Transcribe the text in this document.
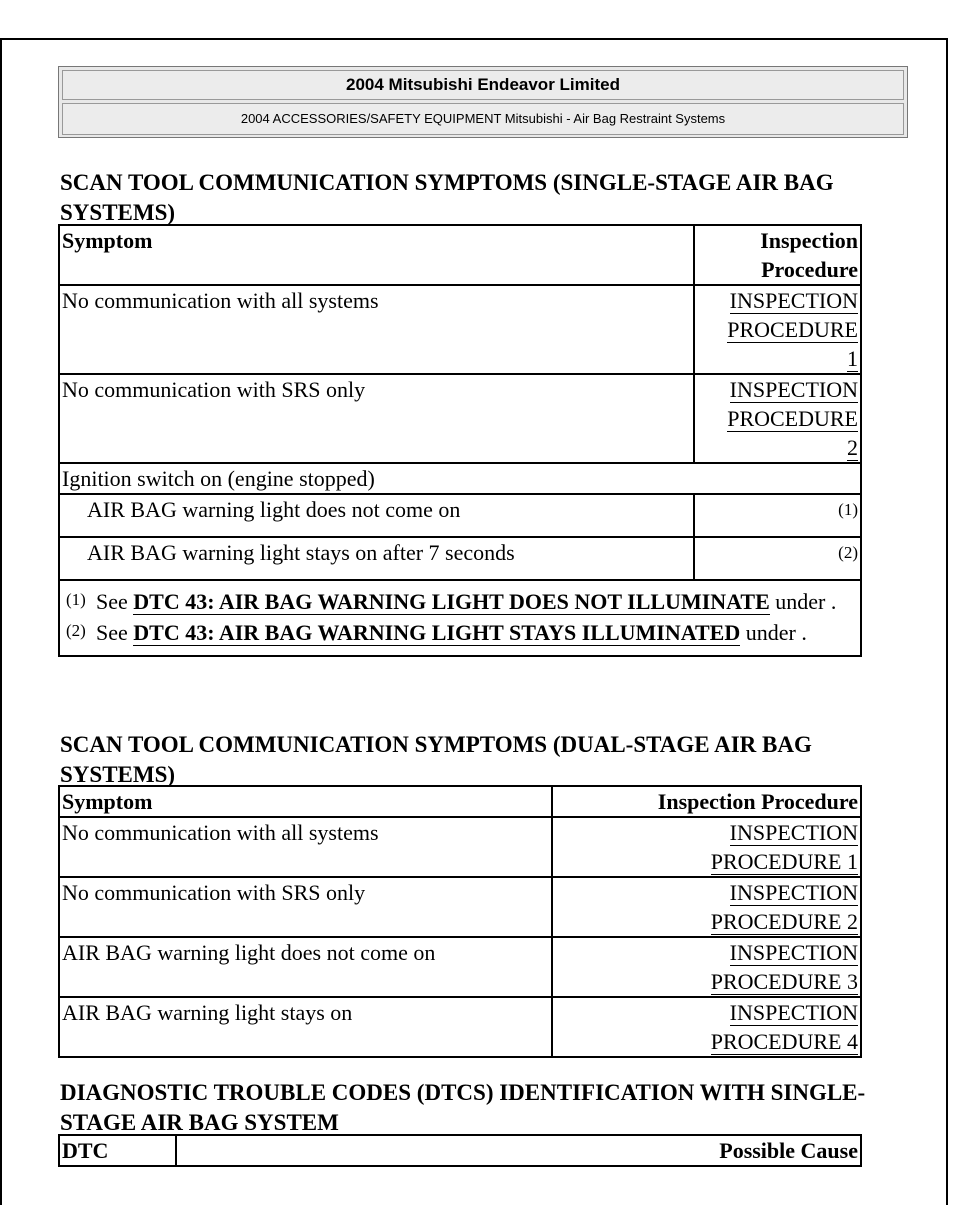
2004 Mitsubishi Endeavor Limited
2004 ACCESSORIES/SAFETY EQUIPMENT Mitsubishi - Air Bag Restraint Systems
SCAN TOOL COMMUNICATION SYMPTOMS (SINGLE-STAGE AIR BAG SYSTEMS)
Symptom	Inspection
Procedure
No communication with all systems	INSPECTION
PROCEDURE
1
No communication with SRS only	INSPECTION
PROCEDURE
2
Ignition switch on (engine stopped)	
AIR BAG warning light does not come on	(1)
AIR BAG warning light stays on after 7 seconds	(2)

(1) See DTC 43: AIR BAG WARNING LIGHT DOES NOT ILLUMINATE under .
(2) See DTC 43: AIR BAG WARNING LIGHT STAYS ILLUMINATED under .	
SCAN TOOL COMMUNICATION SYMPTOMS (DUAL-STAGE AIR BAG SYSTEMS)
Symptom	Inspection Procedure
No communication with all systems	INSPECTION
PROCEDURE 1
No communication with SRS only	INSPECTION
PROCEDURE 2
AIR BAG warning light does not come on	INSPECTION
PROCEDURE 3
AIR BAG warning light stays on	INSPECTION
PROCEDURE 4
DIAGNOSTIC TROUBLE CODES (DTCS) IDENTIFICATION WITH SINGLE-STAGE AIR BAG SYSTEM
DTC	Possible Cause
